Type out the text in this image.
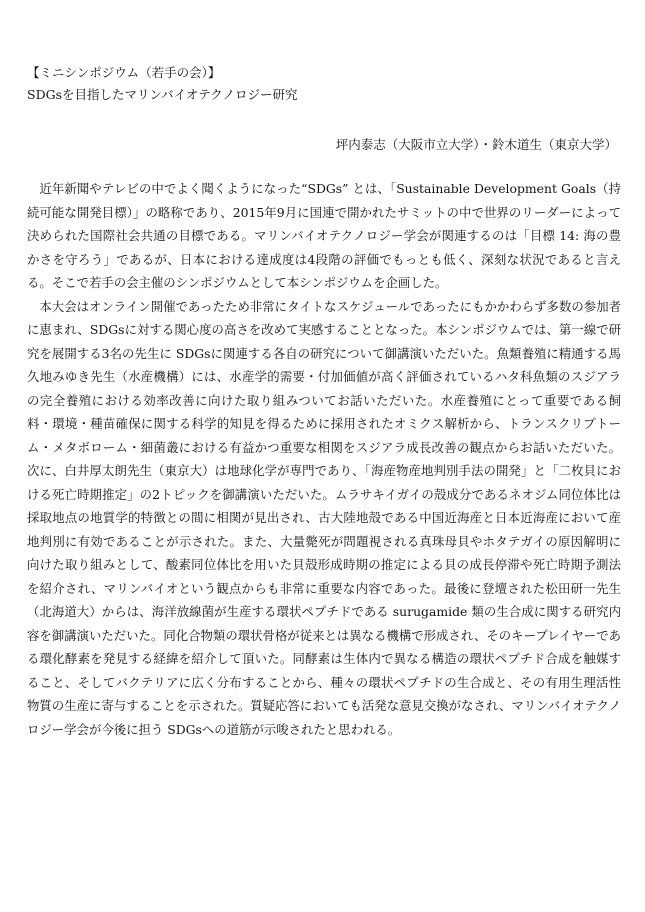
【ミニシンポジウム（若手の会）】
SDGsを目指したマリンバイオテクノロジー研究
坪内泰志（大阪市立大学）・鈴木道生（東京大学）

近年新聞やテレビの中でよく聞くようになった“SDGs” とは、「Sustainable Development Goals（持続可能な開発目標）」の略称であり、2015年9月に国連で開かれたサミットの中で世界のリーダーによって決められた国際社会共通の目標である。マリンバイオテクノロジー学会が関連するのは「目標 14: 海の豊かさを守ろう」であるが、日本における達成度は4段階の評価でもっとも低く、深刻な状況であると言える。そこで若手の会主催のシンポジウムとして本シンポジウムを企画した。

本大会はオンライン開催であったため非常にタイトなスケジュールであったにもかかわらず多数の参加者に恵まれ、SDGsに対する関心度の高さを改めて実感することとなった。本シンポジウムでは、第一線で研究を展開する3名の先生に SDGsに関連する各自の研究について御講演いただいた。魚類養殖に精通する馬久地みゆき先生（水産機構）には、水産学的需要・付加価値が高く評価されているハタ科魚類のスジアラの完全養殖における効率改善に向けた取り組みついてお話いただいた。水産養殖にとって重要である飼料・環境・種苗確保に関する科学的知見を得るために採用されたオミクス解析から、トランスクリプトーム・メタボローム・細菌叢における有益かつ重要な相関をスジアラ成長改善の観点からお話いただいた。次に、白井厚太朗先生（東京大）は地球化学が専門であり、「海産物産地判別手法の開発」と「二枚貝における死亡時期推定」の2トピックを御講演いただいた。ムラサキイガイの殻成分であるネオジム同位体比は採取地点の地質学的特徴との間に相関が見出され、古大陸地殻である中国近海産と日本近海産において産地判別に有効であることが示された。また、大量斃死が問題視される真珠母貝やホタテガイの原因解明に向けた取り組みとして、酸素同位体比を用いた貝殻形成時期の推定による貝の成長停滞や死亡時期予測法を紹介され、マリンバイオという観点からも非常に重要な内容であった。最後に登壇された松田研一先生（北海道大）からは、海洋放線菌が生産する環状ペプチドである surugamide 類の生合成に関する研究内容を御講演いただいた。同化合物類の環状骨格が従来とは異なる機構で形成され、そのキープレイヤーである環化酵素を発見する経緯を紹介して頂いた。同酵素は生体内で異なる構造の環状ペプチド合成を触媒すること、そしてバクテリアに広く分布することから、種々の環状ペプチドの生合成と、その有用生理活性物質の生産に寄与することを示された。質疑応答においても活発な意見交換がなされ、マリンバイオテクノロジー学会が今後に担う SDGsへの道筋が示唆されたと思われる。
